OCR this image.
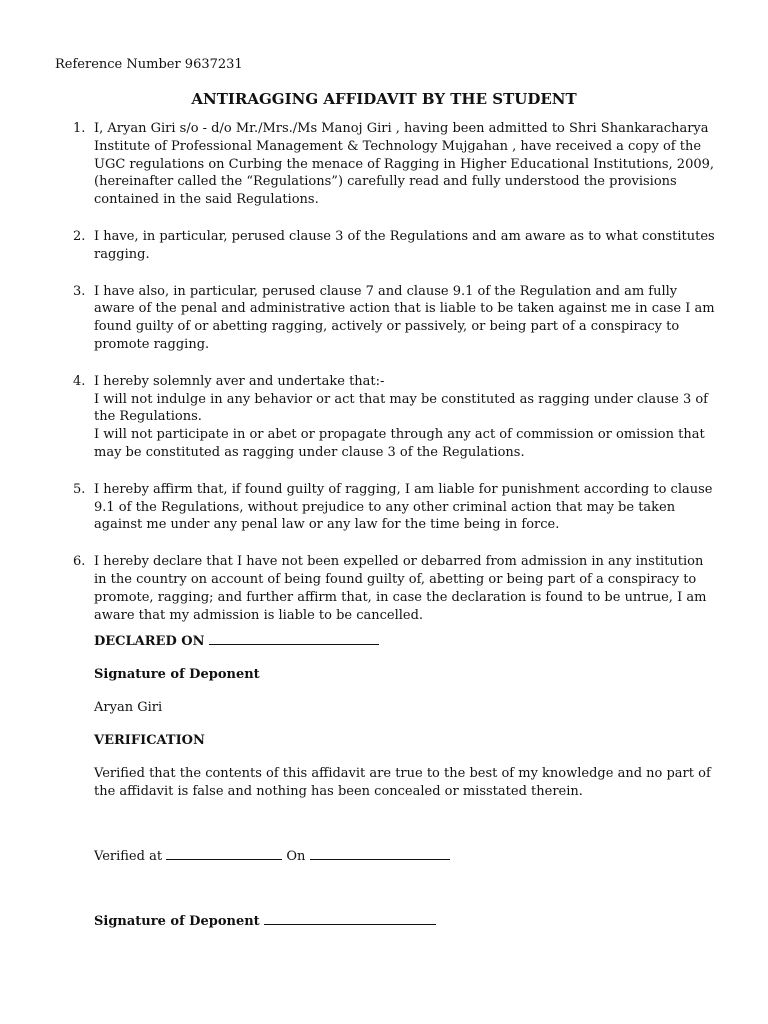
Reference Number 9637231
ANTIRAGGING AFFIDAVIT BY THE STUDENT
1. I, Aryan Giri s/o - d/o Mr./Mrs./Ms Manoj Giri , having been admitted to Shri Shankaracharya Institute of Professional Management & Technology Mujgahan , have received a copy of the UGC regulations on Curbing the menace of Ragging in Higher Educational Institutions, 2009, (hereinafter called the “Regulations”) carefully read and fully understood the provisions contained in the said Regulations.

2. I have, in particular, perused clause 3 of the Regulations and am aware as to what constitutes ragging.

3. I have also, in particular, perused clause 7 and clause 9.1 of the Regulation and am fully aware of the penal and administrative action that is liable to be taken against me in case I am found guilty of or abetting ragging, actively or passively, or being part of a conspiracy to promote ragging.

4. I hereby solemnly aver and undertake that:-

I will not indulge in any behavior or act that may be constituted as ragging under clause 3 of the Regulations.

I will not participate in or abet or propagate through any act of commission or omission that may be constituted as ragging under clause 3 of the Regulations.

5. I hereby affirm that, if found guilty of ragging, I am liable for punishment according to clause 9.1 of the Regulations, without prejudice to any other criminal action that may be taken against me under any penal law or any law for the time being in force.

6. I hereby declare that I have not been expelled or debarred from admission in any institution in the country on account of being found guilty of, abetting or being part of a conspiracy to promote, ragging; and further affirm that, in case the declaration is found to be untrue, I am aware that my admission is liable to be cancelled.

DECLARED ON
Signature of Deponent
Aryan Giri
VERIFICATION
Verified that the contents of this affidavit are true to the best of my knowledge and no part of the affidavit is false and nothing has been concealed or misstated therein.
Verified at	On
Signature of Deponent
